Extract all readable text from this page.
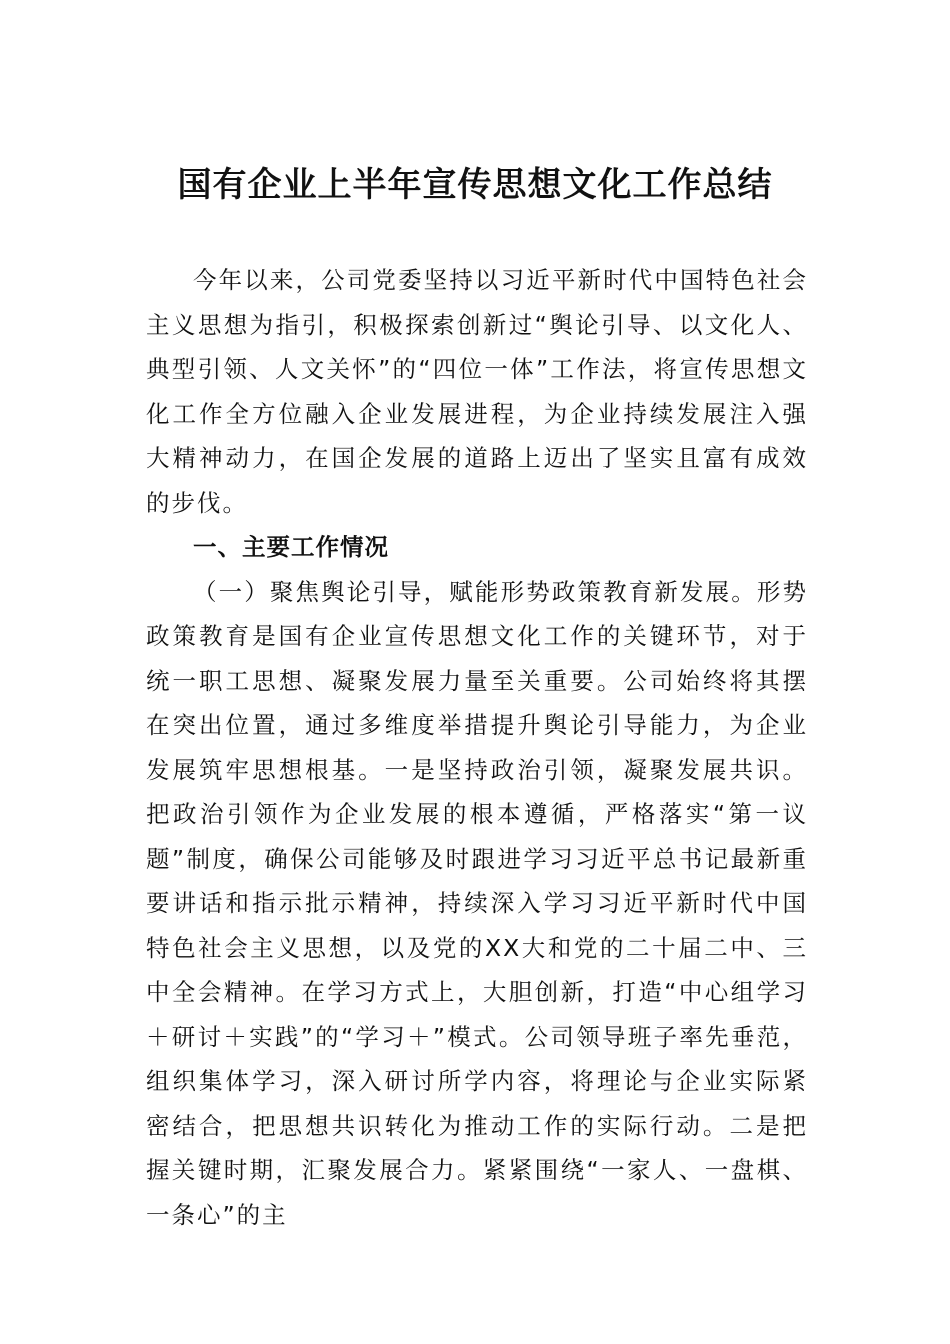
国有企业上半年宣传思想文化工作总结

今年以来，公司党委坚持以习近平新时代中国特色社会主义思想为指引，积极探索创新过“舆论引导、以文化人、典型引领、人文关怀”的“四位一体”工作法，将宣传思想文化工作全方位融入企业发展进程，为企业持续发展注入强大精神动力，在国企发展的道路上迈出了坚实且富有成效的步伐。

一、主要工作情况

（一）聚焦舆论引导，赋能形势政策教育新发展。形势政策教育是国有企业宣传思想文化工作的关键环节，对于统一职工思想、凝聚发展力量至关重要。公司始终将其摆在突出位置，通过多维度举措提升舆论引导能力，为企业发展筑牢思想根基。一是坚持政治引领，凝聚发展共识。把政治引领作为企业发展的根本遵循，严格落实“第一议题”制度，确保公司能够及时跟进学习习近平总书记最新重要讲话和指示批示精神，持续深入学习习近平新时代中国特色社会主义思想，以及党的XX大和党的二十届二中、三中全会精神。在学习方式上，大胆创新，打造“中心组学习＋研讨＋实践”的“学习＋”模式。公司领导班子率先垂范，组织集体学习，深入研讨所学内容，将理论与企业实际紧密结合，把思想共识转化为推动工作的实际行动。二是把握关键时期，汇聚发展合力。紧紧围绕“一家人、一盘棋、一条心”的主
